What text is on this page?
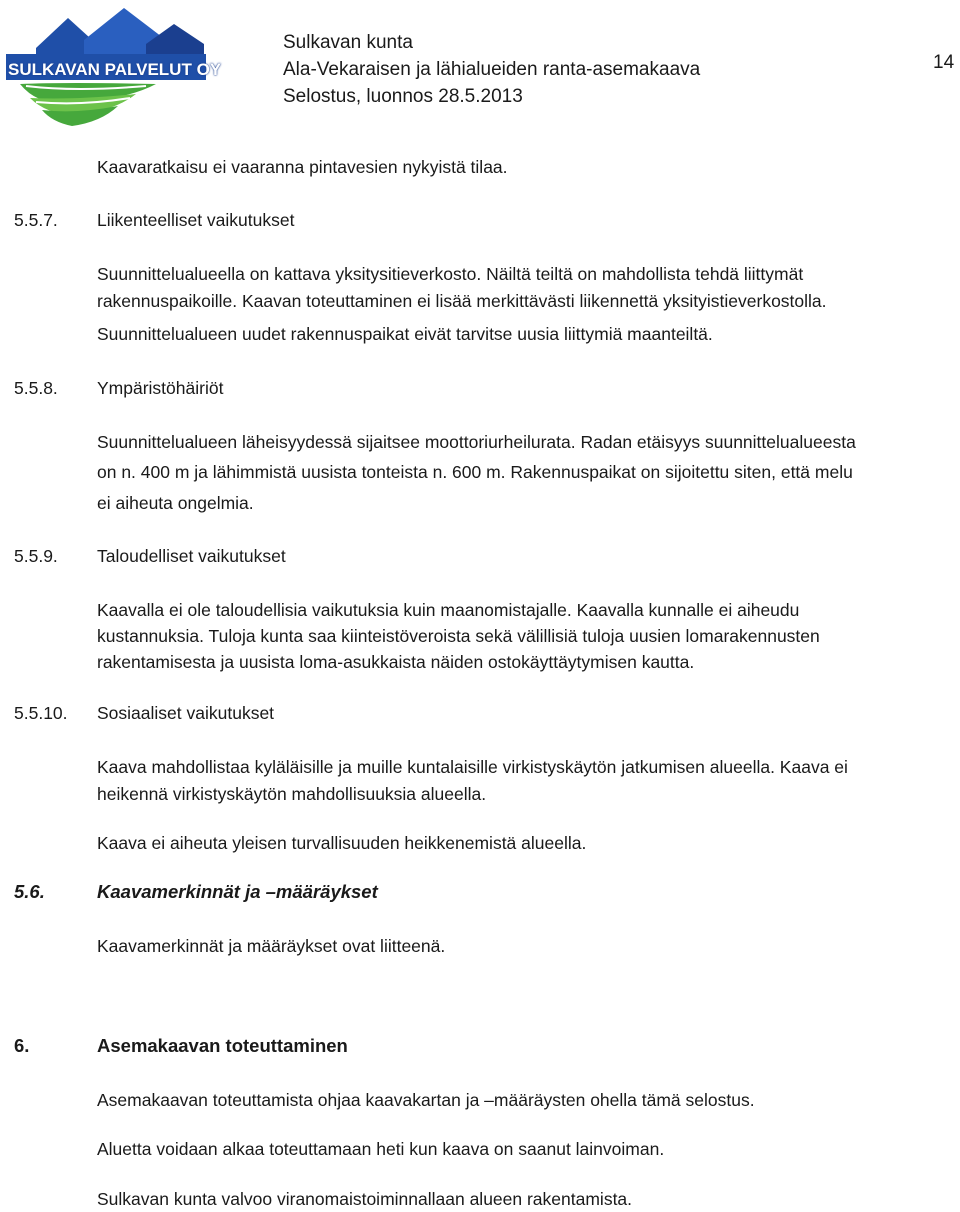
SULKAVAN PALVELUT OY
Sulkavan kunta
Ala-Vekaraisen ja lähialueiden ranta-asemakaava
Selostus, luonnos 28.5.2013
14
Kaavaratkaisu ei vaaranna pintavesien nykyistä tilaa.
5.5.7. Liikenteelliset vaikutukset
Suunnittelualueella on kattava yksitysitieverkosto. Näiltä teiltä on mahdollista tehdä liittymät
rakennuspaikoille. Kaavan toteuttaminen ei lisää merkittävästi liikennettä yksityistieverkostolla.
Suunnittelualueen uudet rakennuspaikat eivät tarvitse uusia liittymiä maanteiltä.
5.5.8. Ympäristöhäiriöt
Suunnittelualueen läheisyydessä sijaitsee moottoriurheilurata. Radan etäisyys suunnittelualueesta
on n. 400 m ja lähimmistä uusista tonteista n. 600 m. Rakennuspaikat on sijoitettu siten, että melu
ei aiheuta ongelmia.
5.5.9. Taloudelliset vaikutukset
Kaavalla ei ole taloudellisia vaikutuksia kuin maanomistajalle. Kaavalla kunnalle ei aiheudu
kustannuksia. Tuloja kunta saa kiinteistöveroista sekä välillisiä tuloja uusien lomarakennusten
rakentamisesta ja uusista loma-asukkaista näiden ostokäyttäytymisen kautta.
5.5.10. Sosiaaliset vaikutukset
Kaava mahdollistaa kyläläisille ja muille kuntalaisille virkistyskäytön jatkumisen alueella. Kaava ei
heikennä virkistyskäytön mahdollisuuksia alueella.
Kaava ei aiheuta yleisen turvallisuuden heikkenemistä alueella.
5.6.	Kaavamerkinnät ja –määräykset
Kaavamerkinnät ja määräykset ovat liitteenä.
6.	Asemakaavan toteuttaminen
Asemakaavan toteuttamista ohjaa kaavakartan ja –määräysten ohella tämä selostus.
Aluetta voidaan alkaa toteuttamaan heti kun kaava on saanut lainvoiman.
Sulkavan kunta valvoo viranomaistoiminnallaan alueen rakentamista.
